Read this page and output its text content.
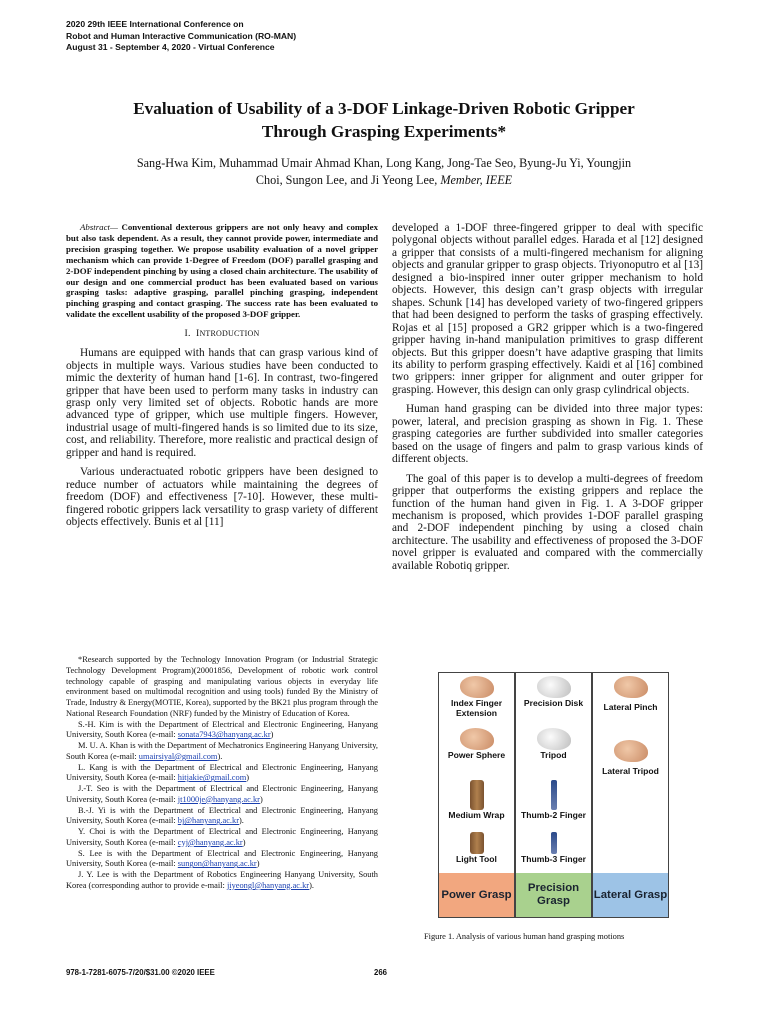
2020 29th IEEE International Conference on
Robot and Human Interactive Communication (RO-MAN)
August 31 - September 4, 2020 - Virtual Conference
Evaluation of Usability of a 3-DOF Linkage-Driven Robotic Gripper
Through Grasping Experiments*
Sang-Hwa Kim, Muhammad Umair Ahmad Khan, Long Kang, Jong-Tae Seo, Byung-Ju Yi, Youngjin
Choi, Sungon Lee, and Ji Yeong Lee, Member, IEEE

Abstract— Conventional dexterous grippers are not only heavy and complex but also task dependent. As a result, they cannot provide power, intermediate and precision grasping together. We propose usability evaluation of a novel gripper mechanism which can provide 1-Degree of Freedom (DOF) parallel grasping and 2-DOF independent pinching by using a closed chain architecture. The usability of our design and one commercial product has been evaluated based on various grasping tasks: adaptive grasping, parallel pinching grasping, independent pinching grasping and contact grasping. The success rate has been evaluated to validate the excellent usability of the proposed 3-DOF gripper.

I. INTRODUCTION

Humans are equipped with hands that can grasp various kind of objects in multiple ways. Various studies have been conducted to mimic the dexterity of human hand [1-6]. In contrast, two-fingered gripper that have been used to perform many tasks in industry can grasp only very limited set of objects. Robotic hands are more advanced type of gripper, which use multiple fingers. However, industrial usage of multi-fingered hands is so limited due to its size, cost, and reliability. Therefore, more realistic and practical design of gripper and hand is required.

Various underactuated robotic grippers have been designed to reduce number of actuators while maintaining the degrees of freedom (DOF) and effectiveness [7-10]. However, these multi-fingered robotic grippers lack versatility to grasp variety of different objects effectively. Bunis et al [11]

developed a 1-DOF three-fingered gripper to deal with specific polygonal objects without parallel edges. Harada et al [12] designed a gripper that consists of a multi-fingered mechanism for aligning objects and granular gripper to grasp objects. Triyonoputro et al [13] designed a bio-inspired inner outer gripper mechanism to hold objects. However, this design can’t grasp objects with irregular shapes. Schunk [14] has developed variety of two-fingered grippers that had been designed to perform the tasks of grasping effectively. Rojas et al [15] proposed a GR2 gripper which is a two-fingered gripper having in-hand manipulation primitives to grasp different objects. But this gripper doesn’t have adaptive grasping that limits its ability to perform grasping effectively. Kaidi et al [16] combined two grippers: inner gripper for alignment and outer gripper for grasping. However, this design can only grasp cylindrical objects.

Human hand grasping can be divided into three major types: power, lateral, and precision grasping as shown in Fig. 1. These grasping categories are further subdivided into smaller categories based on the usage of fingers and palm to grasp various kinds of different objects.

The goal of this paper is to develop a multi-degrees of freedom gripper that outperforms the existing grippers and replace the function of the human hand given in Fig. 1. A 3-DOF gripper mechanism is proposed, which provides 1-DOF parallel grasping and 2-DOF independent pinching by using a closed chain architecture. The usability and effectiveness of proposed the 3-DOF novel gripper is evaluated and compared with the commercially available Robotiq gripper.

*Research supported by the Technology Innovation Program (or Industrial Strategic Technology Development Program)(20001856, Development of robotic work control technology capable of grasping and manipulating various objects in everyday life environment based on multimodal recognition and using tools) funded By the Ministry of Trade, Industry & Energy(MOTIE, Korea), supported by the BK21 plus program through the National Research Foundation (NRF) funded by the Ministry of Education of Korea.

S.-H. Kim is with the Department of Electrical and Electronic Engineering, Hanyang University, South Korea (e-mail: sonata7943@hanyang.ac.kr)

M. U. A. Khan is with the Department of Mechatronics Engineering Hanyang University, South Korea (e-mail: umairsiyal@gmail.com).

L. Kang is with the Department of Electrical and Electronic Engineering, Hanyang University, South Korea (e-mail: hitjakie@gmail.com)

J.-T. Seo is with the Department of Electrical and Electronic Engineering, Hanyang University, South Korea (e-mail: jt1000je@hanyang.ac.kr)

B.-J. Yi is with the Department of Electrical and Electronic Engineering, Hanyang University, South Korea (e-mail: bj@hanyang.ac.kr).

Y. Choi is with the Department of Electrical and Electronic Engineering, Hanyang University, South Korea (e-mail: cyj@hanyang.ac.kr)

S. Lee is with the Department of Electrical and Electronic Engineering, Hanyang University, South Korea (e-mail: sungon@hanyang.ac.kr)

J. Y. Lee is with the Department of Robotics Engineering Hanyang University, South Korea (corresponding author to provide e-mail: jiyeongl@hanyang.ac.kr).

Index Finger Extension
Power Sphere
Medium Wrap
Light Tool
Power Grasp
Precision Disk
Tripod
Thumb-2 Finger
Thumb-3 Finger
Precision Grasp
Lateral Pinch
Lateral Tripod
Lateral Grasp
Figure 1. Analysis of various human hand grasping motions
978-1-7281-6075-7/20/$31.00 ©2020 IEEE	266
